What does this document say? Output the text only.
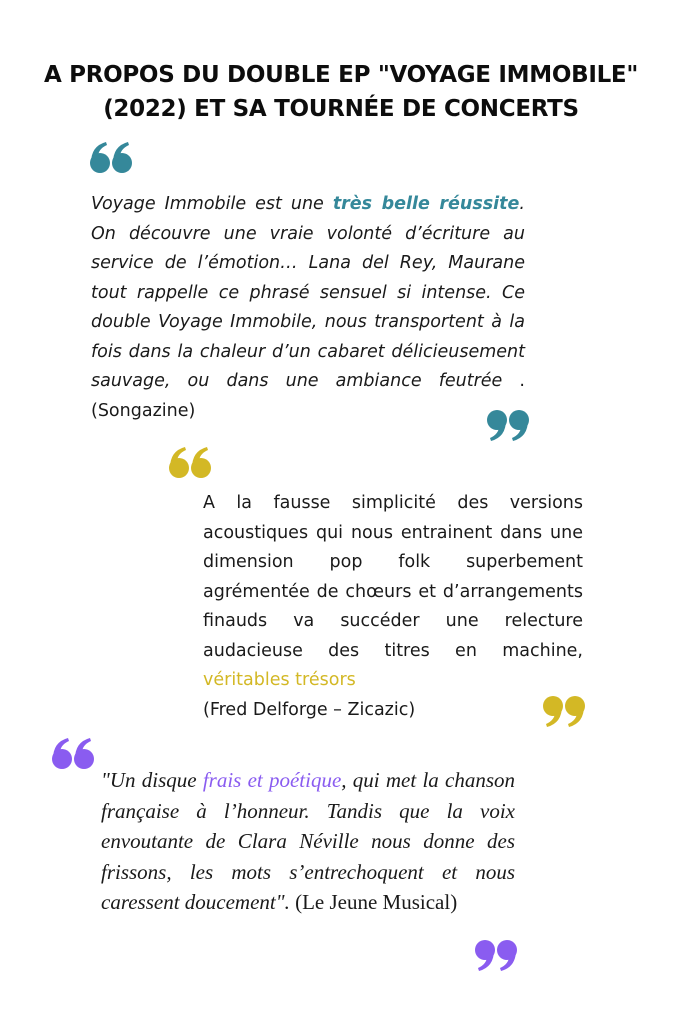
A PROPOS DU DOUBLE EP "VOYAGE IMMOBILE" (2022) ET SA TOURNÉE DE CONCERTS

Voyage Immobile est une très belle réussite. On découvre une vraie volonté d’écriture au service de l’émotion… Lana del Rey, Maurane tout rappelle ce phrasé sensuel si intense. Ce double Voyage Immobile, nous transportent à la fois dans la chaleur d’un cabaret délicieusement sauvage, ou dans une ambiance feutrée . (Songazine)

A la fausse simplicité des versions acoustiques qui nous entrainent dans une dimension pop folk superbement agrémentée de chœurs et d’arrangements finauds va succéder une relecture audacieuse des titres en machine, véritables trésors

(Fred Delforge – Zicazic)

"Un disque frais et poétique, qui met la chanson française à l’honneur. Tandis que la voix envoutante de Clara Néville nous donne des frissons, les mots s’entrechoquent et nous caressent doucement". (Le Jeune Musical)
